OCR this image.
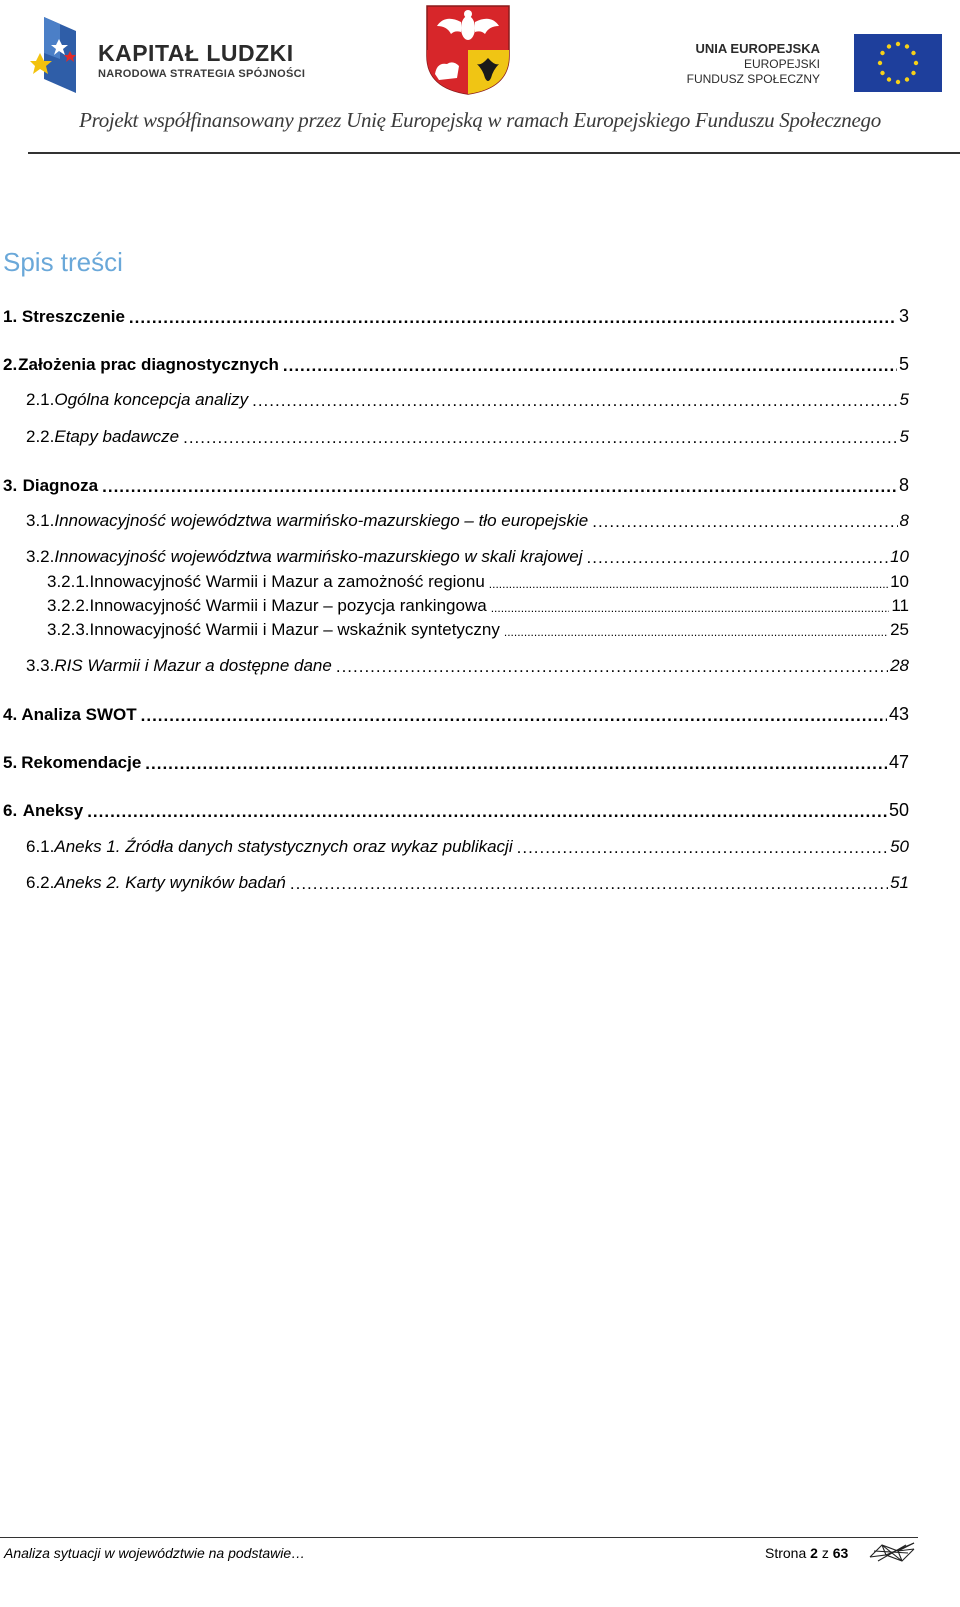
KAPITAŁ LUDZKI
NARODOWA STRATEGIA SPÓJNOŚCI
UNIA EUROPEJSKA
EUROPEJSKI
FUNDUSZ SPOŁECZNY
Projekt współfinansowany przez Unię Europejską w ramach Europejskiego Funduszu Społecznego
Spis treści
1. Streszczenie .....	3
2. Założenia prac diagnostycznych .....	5
2.1. Ogólna koncepcja analizy .....	5
2.2. Etapy badawcze .....	5
3. Diagnoza .....	8
3.1. Innowacyjność województwa warmińsko-mazurskiego – tło europejskie .....	8
3.2. Innowacyjność województwa warmińsko-mazurskiego w skali krajowej .....	10
3.2.1. Innowacyjność Warmii i Mazur a zamożność regionu .....	10
3.2.2. Innowacyjność Warmii i Mazur – pozycja rankingowa .....	11
3.2.3. Innowacyjność Warmii i Mazur – wskaźnik syntetyczny .....	25
3.3. RIS Warmii i Mazur a dostępne dane .....	28
4. Analiza SWOT .....	43
5. Rekomendacje .....	47
6. Aneksy .....	50
6.1. Aneks 1. Źródła danych statystycznych oraz wykaz publikacji .....	50
6.2. Aneks 2. Karty wyników badań .....	51
Analiza sytuacji w województwie na podstawie…	Strona 2 z 63
